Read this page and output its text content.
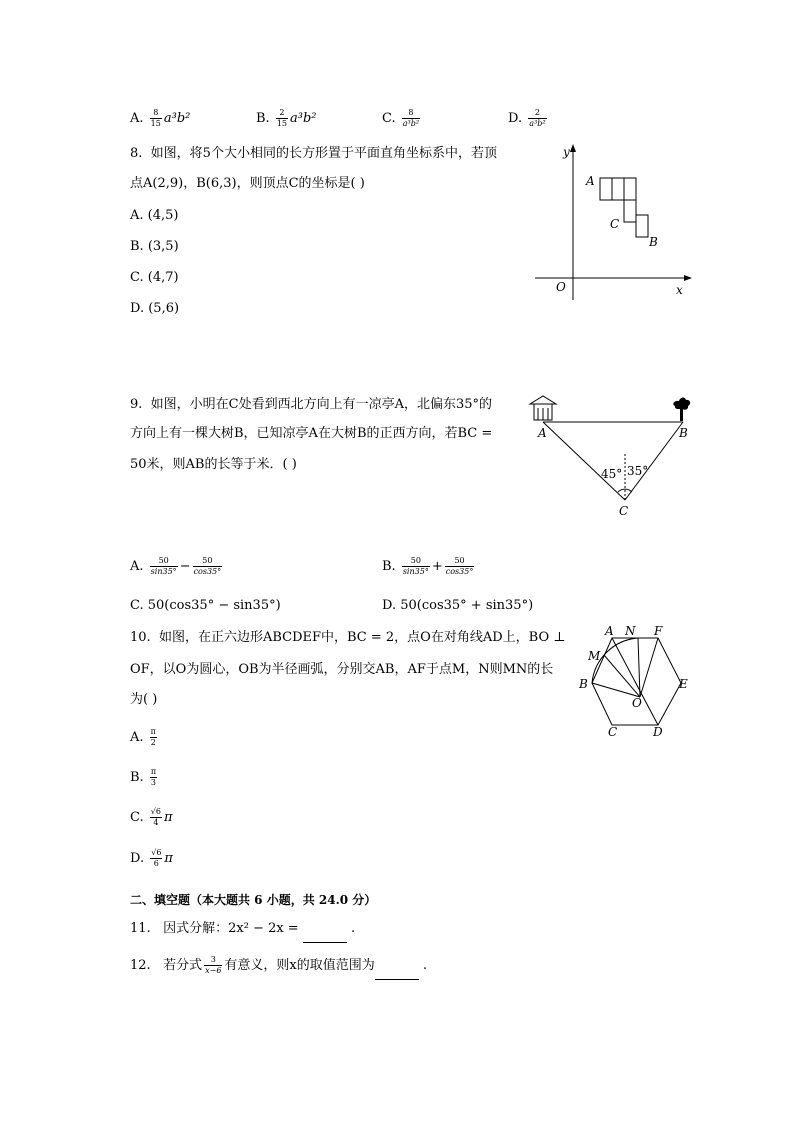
A. $\frac{8}{15} a^3b^2$	B. $\frac{2}{15} a^3b^2$	C. $\frac{8}{\text{a³b²}}$	D. $\frac{2}{\text{a³b²}}$
8. 如图，将5个大小相同的长方形置于平面直角坐标系中，若顶
点A(2,9)，B(6,3)，则顶点C的坐标是( )
A. (4,5)
B. (3,5)
C. (4,7)
D. (5,6)
y
x
O
A
C
B
9. 如图，小明在C处看到西北方向上有一凉亭A，北偏东35°的
方向上有一棵大树B，已知凉亭A在大树B的正西方向，若BC =
50米，则AB的长等于米．( )
A	B
C
45° 35°
A. $\frac{50}{\sin 35^\circ} - \frac{50}{\cos 35^\circ}$	B. $\frac{50}{\sin 35^\circ} + \frac{50}{\cos 35^\circ}$
C. 50(cos35° − sin35°)	D. 50(cos35° + sin35°)
10. 如图，在正六边形ABCDEF中，BC = 2，点O在对角线AD上，BO ⊥
OF，以O为圆心，OB为半径画弧，分别交AB，AF于点M，N则MN的长
为( )
A N F
M
B	E
O
C	D
A. $\frac{\pi}{2}$
B. $\frac{\pi}{3}$
C. $\frac{√6}{4}$ π
D. $\frac{√6}{6}$ π
二、填空题（本大题共 6 小题，共 24.0 分）
11. 因式分解：2x² − 2x =	.
12. 若分式 $\frac{3}{x-6}$ 有意义，则x的取值范围为	.
